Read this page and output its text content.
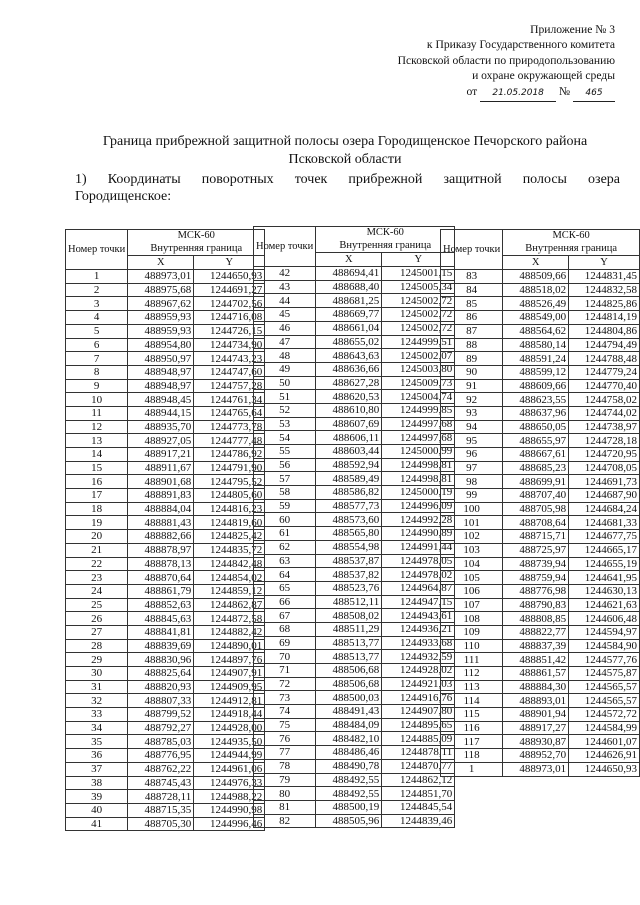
Приложение № 3
к Приказу Государственного комитета
Псковской области по природопользованию
и охране окружающей среды
от 21.05.2018 № 465
Граница прибрежной защитной полосы озера Городищенское Печорского района Псковской области
1) Координаты поворотных точек прибрежной защитной полосы озера
Городищенское:
Номер точки	МСК-60	
	Внутренняя граница	
	X	Y
1	488973,01	1244650,93
2	488975,68	1244691,27
3	488967,62	1244702,56
4	488959,93	1244716,08
5	488959,93	1244726,15
6	488954,80	1244734,90
7	488950,97	1244743,23
8	488948,97	1244747,60
9	488948,97	1244757,28
10	488948,45	1244761,34
11	488944,15	1244765,64
12	488935,70	1244773,78
13	488927,05	1244777,48
14	488917,21	1244786,92
15	488911,67	1244791,90
16	488901,68	1244795,52
17	488891,83	1244805,60
18	488884,04	1244816,23
19	488881,43	1244819,60
20	488882,66	1244825,42
21	488878,97	1244835,72
22	488878,13	1244842,48
23	488870,64	1244854,02
24	488861,79	1244859,12
25	488852,63	1244862,87
26	488845,63	1244872,58
27	488841,81	1244882,42
28	488839,69	1244890,01
29	488830,96	1244897,76
30	488825,64	1244907,91
31	488820,93	1244909,95
32	488807,33	1244912,81
33	488799,52	1244918,44
34	488792,27	1244928,00
35	488785,03	1244935,50
36	488776,95	1244944,99
37	488762,22	1244961,06
38	488745,43	1244976,33
39	488728,11	1244988,22
40	488715,35	1244990,98
41	488705,30	1244996,46
Номер точки	МСК-60	
	Внутренняя граница	
	X	Y
42	488694,41	1245001,15
43	488688,40	1245005,34
44	488681,25	1245002,72
45	488669,77	1245002,72
46	488661,04	1245002,72
47	488655,02	1244999,51
48	488643,63	1245002,07
49	488636,66	1245003,80
50	488627,28	1245009,73
51	488620,53	1245004,74
52	488610,80	1244999,85
53	488607,69	1244997,68
54	488606,11	1244997,68
55	488603,44	1245000,99
56	488592,94	1244998,81
57	488589,49	1244998,81
58	488586,82	1245000,19
59	488577,73	1244996,09
60	488573,60	1244992,28
61	488565,80	1244990,89
62	488554,98	1244991,44
63	488537,87	1244978,05
64	488537,82	1244978,02
65	488523,76	1244964,87
66	488512,11	1244947,15
67	488508,02	1244943,61
68	488511,29	1244936,21
69	488513,77	1244933,68
70	488513,77	1244932,59
71	488506,68	1244928,02
72	488506,68	1244921,03
73	488500,03	1244916,76
74	488491,43	1244907,80
75	488484,09	1244895,65
76	488482,10	1244885,09
77	488486,46	1244878,11
78	488490,78	1244870,77
79	488492,55	1244862,12
80	488492,55	1244851,70
81	488500,19	1244845,54
82	488505,96	1244839,46
Номер точки	МСК-60	
	Внутренняя граница	
	X	Y
83	488509,66	1244831,45
84	488518,02	1244832,58
85	488526,49	1244825,86
86	488549,00	1244814,19
87	488564,62	1244804,86
88	488580,14	1244794,49
89	488591,24	1244788,48
90	488599,12	1244779,24
91	488609,66	1244770,40
92	488623,55	1244758,02
93	488637,96	1244744,02
94	488650,05	1244738,97
95	488655,97	1244728,18
96	488667,61	1244720,95
97	488685,23	1244708,05
98	488699,91	1244691,73
99	488707,40	1244687,90
100	488705,98	1244684,24
101	488708,64	1244681,33
102	488715,71	1244677,75
103	488725,97	1244665,17
104	488739,94	1244655,19
105	488759,94	1244641,95
106	488776,98	1244630,13
107	488790,83	1244621,63
108	488808,85	1244606,48
109	488822,77	1244594,97
110	488837,39	1244584,90
111	488851,42	1244577,76
112	488861,57	1244575,87
113	488884,30	1244565,57
114	488893,01	1244565,57
115	488901,94	1244572,72
116	488917,27	1244584,99
117	488930,87	1244601,07
118	488952,70	1244626,91
1	488973,01	1244650,93
